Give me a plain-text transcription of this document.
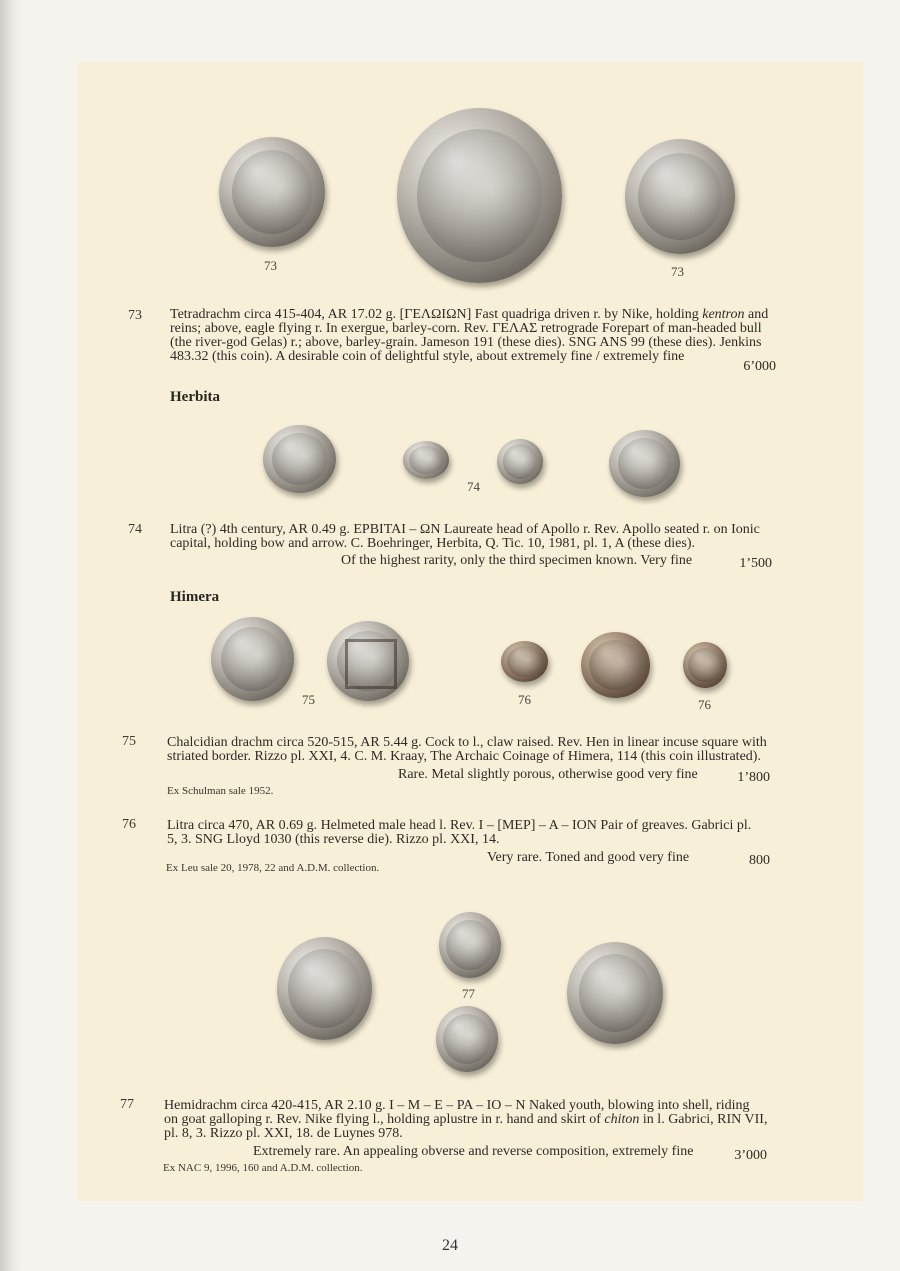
73	73
73 Tetradrachm circa 415-404, AR 17.02 g. [ΓΕΛΩΙΩΝ] Fast quadriga driven r. by Nike, holding kentron and

reins; above, eagle flying r. In exergue, barley-corn. Rev. ΓΕΛΑΣ retrograde Forepart of man-headed bull

(the river-god Gelas) r.; above, barley-grain. Jameson 191 (these dies). SNG ANS 99 (these dies). Jenkins

483.32 (this coin). A desirable coin of delightful style, about extremely fine / extremely fine

6’000
Herbita
74
74 Litra (?) 4th century, AR 0.49 g. ΕΡΒΙΤΑΙ – ΩΝ Laureate head of Apollo r. Rev. Apollo seated r. on Ionic

capital, holding bow and arrow. C. Boehringer, Herbita, Q. Tic. 10, 1981, pl. 1, A (these dies).

Of the highest rarity, only the third specimen known. Very fine	1’500
Himera
75	76	76
75 Chalcidian drachm circa 520-515, AR 5.44 g. Cock to l., claw raised. Rev. Hen in linear incuse square with

striated border. Rizzo pl. XXI, 4. C. M. Kraay, The Archaic Coinage of Himera, 114 (this coin illustrated).

Rare. Metal slightly porous, otherwise good very fine	1’800
Ex Schulman sale 1952.
76 Litra circa 470, AR 0.69 g. Helmeted male head l. Rev. I – [MEP] – A – ION Pair of greaves. Gabrici pl.

5, 3. SNG Lloyd 1030 (this reverse die). Rizzo pl. XXI, 14.

Very rare. Toned and good very fine	800
Ex Leu sale 20, 1978, 22 and A.D.M. collection.
77
77 Hemidrachm circa 420-415, AR 2.10 g. I – M – E – PA – IO – N Naked youth, blowing into shell, riding

on goat galloping r. Rev. Nike flying l., holding aplustre in r. hand and skirt of chiton in l. Gabrici, RIN VII,

pl. 8, 3. Rizzo pl. XXI, 18. de Luynes 978.

Extremely rare. An appealing obverse and reverse composition, extremely fine	3’000
Ex NAC 9, 1996, 160 and A.D.M. collection.
24
